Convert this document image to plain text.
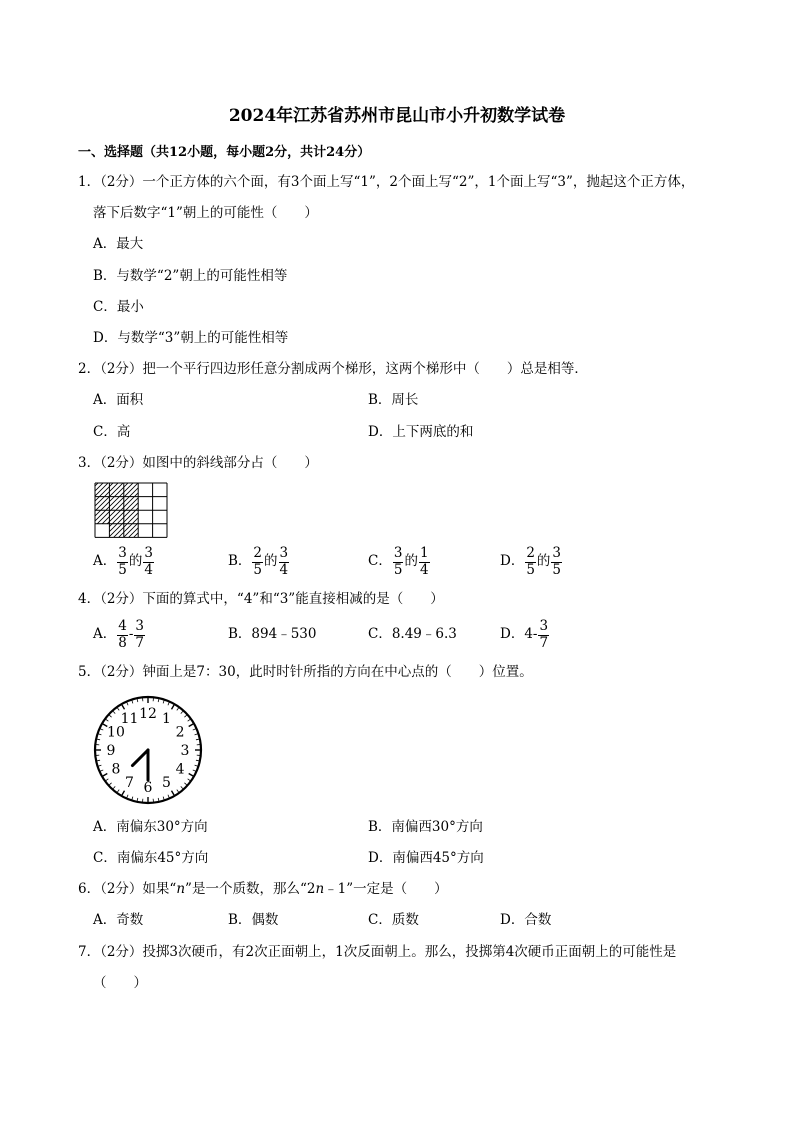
2024年江苏省苏州市昆山市小升初数学试卷
一、选择题（共12小题，每小题2分，共计24分）
1．（2分）一个正方体的六个面，有3个面上写“1”，2个面上写“2”，1个面上写“3”，抛起这个正方体，
落下后数字“1”朝上的可能性（　　）
A．最大
B．与数学“2”朝上的可能性相等
C．最小
D．与数学“3”朝上的可能性相等
2．（2分）把一个平行四边形任意分割成两个梯形，这两个梯形中（　　）总是相等．
A．面积	B．周长
C．高	D．上下两底的和
3．（2分）如图中的斜线部分占（　　）
A． $\frac{3}{5}$ 的 $\frac{3}{4}$	B． $\frac{2}{5}$ 的 $\frac{3}{4}$	C． $\frac{3}{5}$ 的 $\frac{1}{4}$	D． $\frac{2}{5}$ 的 $\frac{3}{5}$
4．（2分）下面的算式中，“4”和“3”能直接相减的是（　　）
A． $\frac{4}{8} - \frac{3}{7}$	B．894﹣530	C．8.49﹣6.3	D． $4- \frac{3}{7}$
5．（2分）钟面上是7：30，此时时针所指的方向在中心点的（　　）位置。
12 1
2
3
4
5
6
7
8
9
10
11
A．南偏东30°方向	B．南偏西30°方向
C．南偏东45°方向	D．南偏西45°方向
6．（2分）如果“n”是一个质数，那么“2n﹣1”一定是（　　）
A．奇数	B．偶数	C．质数	D．合数
7．（2分）投掷3次硬币，有2次正面朝上，1次反面朝上。那么，投掷第4次硬币正面朝上的可能性是
（　　）
